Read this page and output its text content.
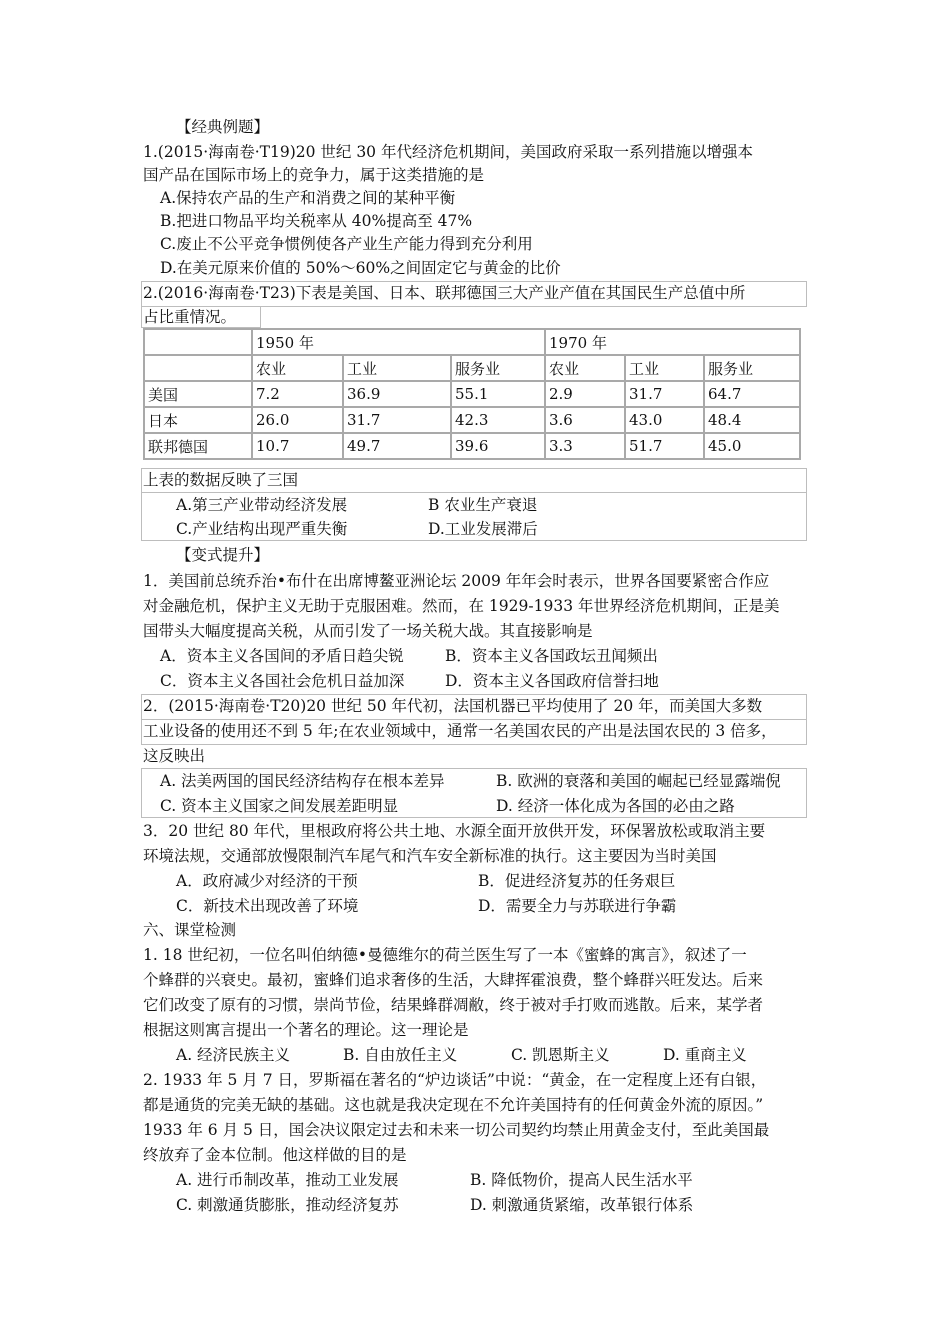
【经典例题】
1.(2015·海南卷·T19)20 世纪 30 年代经济危机期间，美国政府采取一系列措施以增强本
国产品在国际市场上的竞争力，属于这类措施的是
A.保持农产品的生产和消费之间的某种平衡
B.把进口物品平均关税率从 40%提高至 47%
C.废止不公平竞争惯例使各产业生产能力得到充分利用
D.在美元原来价值的 50%～60%之间固定它与黄金的比价
2.(2016·海南卷·T23)下表是美国、日本、联邦德国三大产业产值在其国民生产总值中所
占比重情况。
	1950 年			1970 年		
	农业	工业	服务业	农业	工业	服务业
美国	7.2	36.9	55.1	2.9	31.7	64.7
日本	26.0	31.7	42.3	3.6	43.0	48.4
联邦德国	10.7	49.7	39.6	3.3	51.7	45.0
上表的数据反映了三国
A.第三产业带动经济发展	B 农业生产衰退
C.产业结构出现严重失衡	D.工业发展滞后
【变式提升】
1．美国前总统乔治•布什在出席博鳌亚洲论坛 2009 年年会时表示，世界各国要紧密合作应
对金融危机，保护主义无助于克服困难。然而，在 1929-1933 年世界经济危机期间，正是美
国带头大幅度提高关税，从而引发了一场关税大战。其直接影响是
A．资本主义各国间的矛盾日趋尖锐	B．资本主义各国政坛丑闻频出
C．资本主义各国社会危机日益加深	D．资本主义各国政府信誉扫地
2．(2015·海南卷·T20)20 世纪 50 年代初，法国机器已平均使用了 20 年，而美国大多数
工业设备的使用还不到 5 年;在农业领域中，通常一名美国农民的产出是法国农民的 3 倍多，
这反映出
A. 法美两国的国民经济结构存在根本差异	B. 欧洲的衰落和美国的崛起已经显露端倪
C. 资本主义国家之间发展差距明显	D. 经济一体化成为各国的必由之路
3．20 世纪 80 年代，里根政府将公共土地、水源全面开放供开发，环保署放松或取消主要
环境法规，交通部放慢限制汽车尾气和汽车安全新标准的执行。这主要因为当时美国
A．政府减少对经济的干预	B．促进经济复苏的任务艰巨
C．新技术出现改善了环境	D．需要全力与苏联进行争霸
六、课堂检测
1. 18 世纪初，一位名叫伯纳德•曼德维尔的荷兰医生写了一本《蜜蜂的寓言》，叙述了一
个蜂群的兴衰史。最初，蜜蜂们追求奢侈的生活，大肆挥霍浪费，整个蜂群兴旺发达。后来
它们改变了原有的习惯，崇尚节俭，结果蜂群凋敝，终于被对手打败而逃散。后来，某学者
根据这则寓言提出一个著名的理论。这一理论是
A. 经济民族主义	B. 自由放任主义	C. 凯恩斯主义	D. 重商主义
2. 1933 年 5 月 7 日，罗斯福在著名的“炉边谈话”中说：“黄金，在一定程度上还有白银，
都是通货的完美无缺的基础。这也就是我决定现在不允许美国持有的任何黄金外流的原因。”
1933 年 6 月 5 日，国会决议限定过去和未来一切公司契约均禁止用黄金支付，至此美国最
终放弃了金本位制。他这样做的目的是
A. 进行币制改革，推动工业发展	B. 降低物价，提高人民生活水平
C. 刺激通货膨胀，推动经济复苏	D. 刺激通货紧缩，改革银行体系
